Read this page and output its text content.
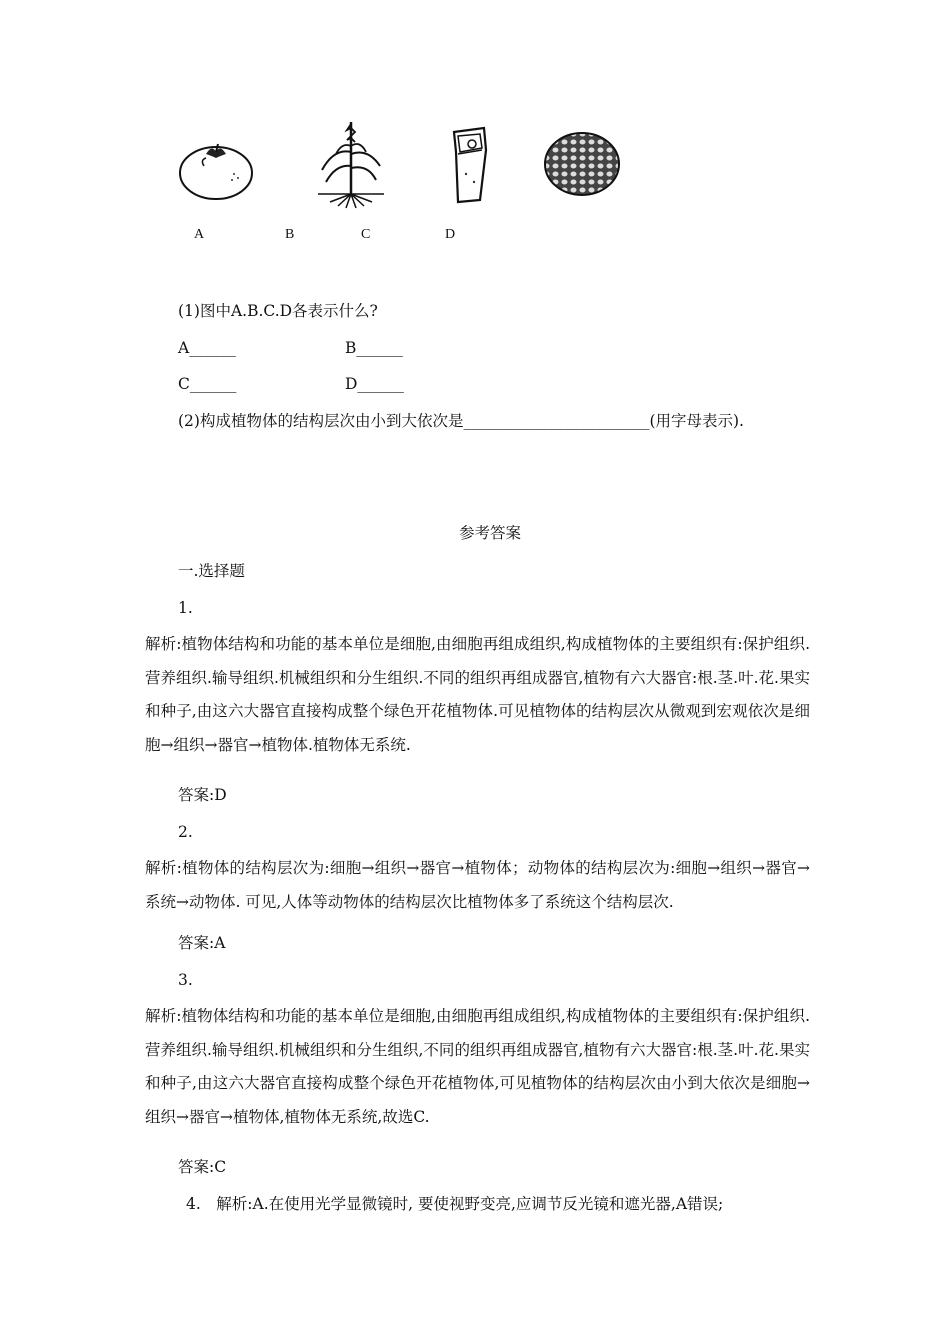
A	B	C	D
(1)图中A.B.C.D各表示什么?
A______	B______
C______	D______
(2)构成植物体的结构层次由小到大依次是________________________(用字母表示).
参考答案
一.选择题
1.
解析:植物体结构和功能的基本单位是细胞,由细胞再组成组织,构成植物体的主要组织有:保护组织.营养组织.输导组织.机械组织和分生组织.不同的组织再组成器官,植物有六大器官:根.茎.叶.花.果实和种子,由这六大器官直接构成整个绿色开花植物体.可见植物体的结构层次从微观到宏观依次是细胞→组织→器官→植物体.植物体无系统.
答案:D
2.
解析:植物体的结构层次为:细胞→组织→器官→植物体；动物体的结构层次为:细胞→组织→器官→系统→动物体. 可见,人体等动物体的结构层次比植物体多了系统这个结构层次.
答案:A
3.
解析:植物体结构和功能的基本单位是细胞,由细胞再组成组织,构成植物体的主要组织有:保护组织.营养组织.输导组织.机械组织和分生组织,不同的组织再组成器官,植物有六大器官:根.茎.叶.花.果实和种子,由这六大器官直接构成整个绿色开花植物体,可见植物体的结构层次由小到大依次是细胞→组织→器官→植物体,植物体无系统,故选C.
答案:C
4.　解析:A.在使用光学显微镜时, 要使视野变亮,应调节反光镜和遮光器,A错误;
